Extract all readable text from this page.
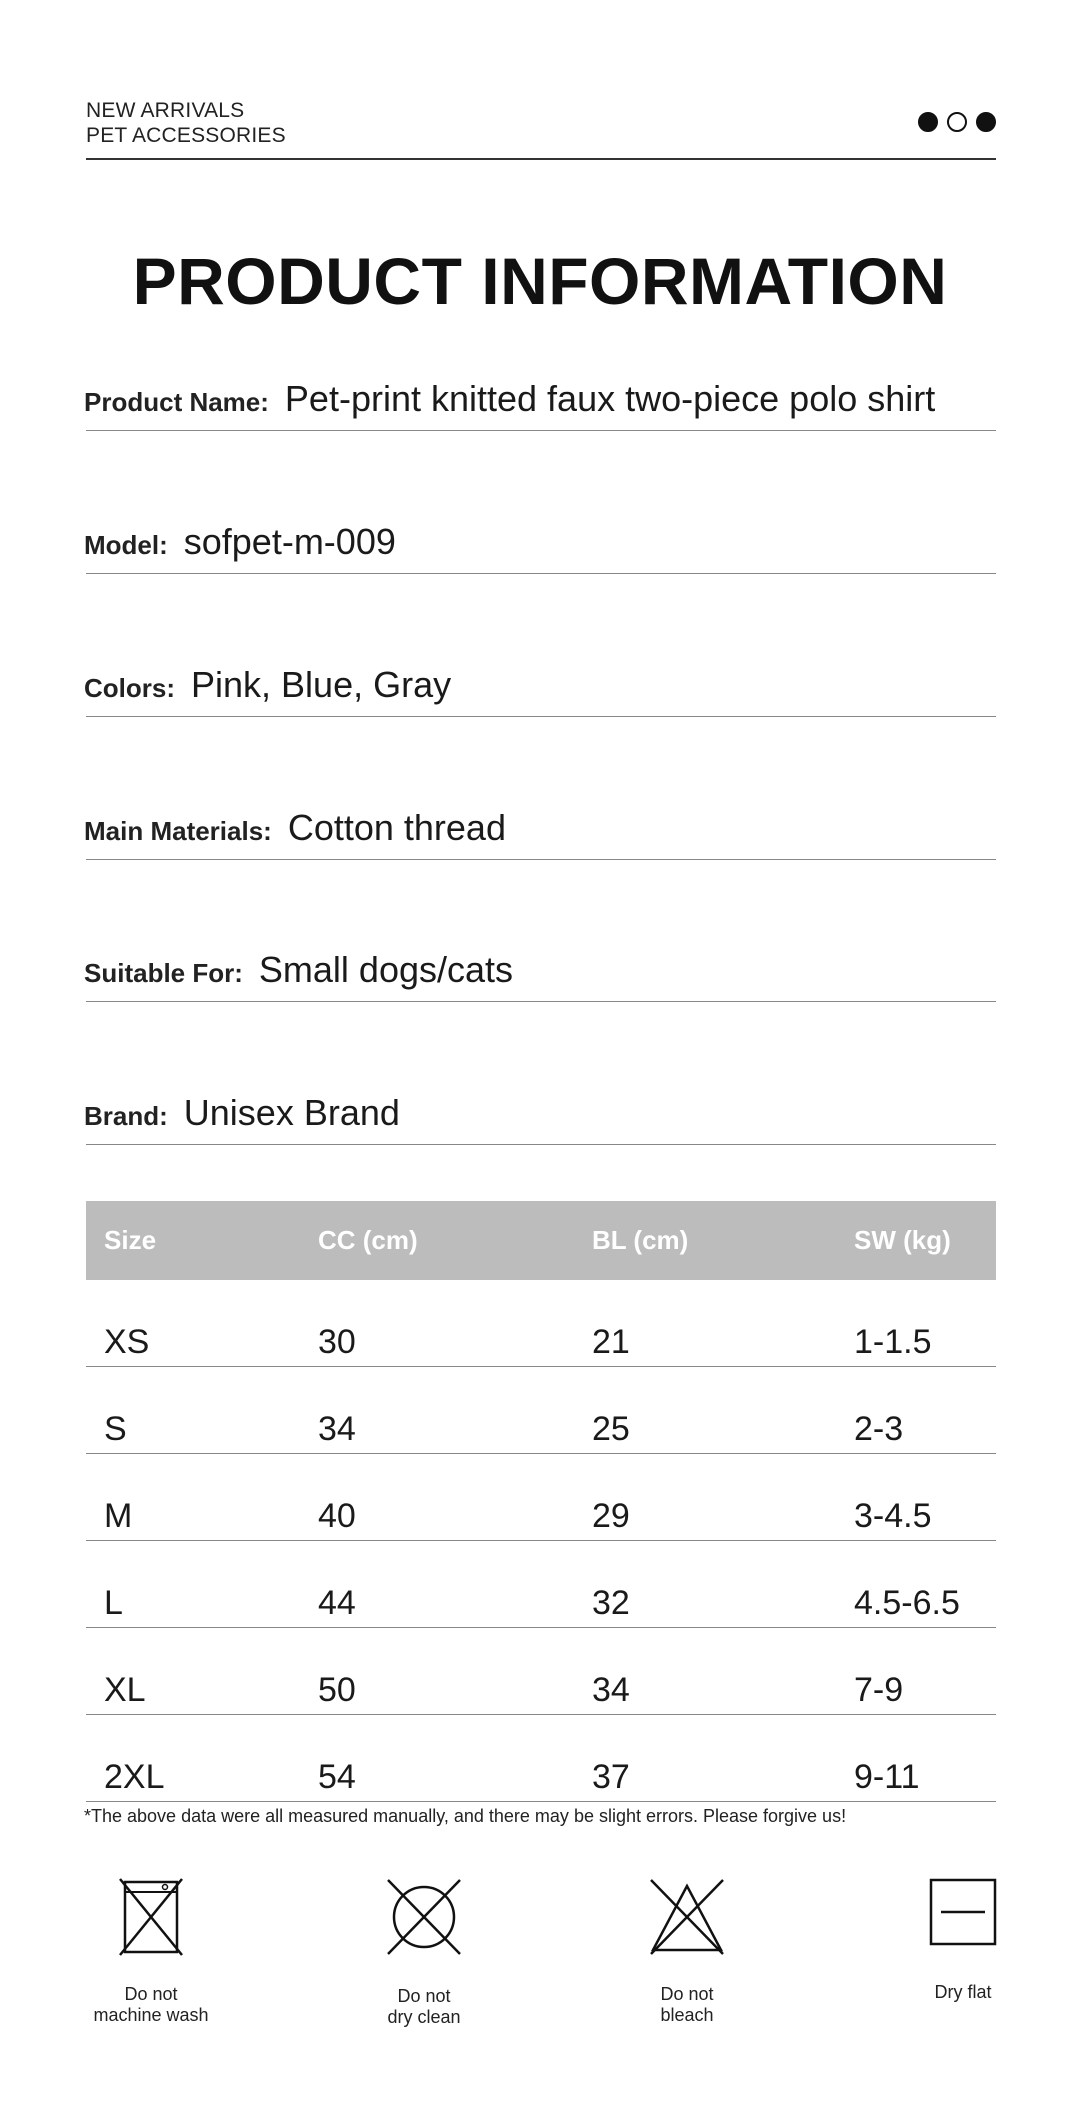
NEW ARRIVALS
PET ACCESSORIES
PRODUCT INFORMATION
Product Name: Pet-print knitted faux two-piece polo shirt
Model: sofpet-m-009
Colors: Pink, Blue, Gray
Main Materials: Cotton thread
Suitable For: Small dogs/cats
Brand: Unisex Brand
Size	CC (cm)	BL (cm)	SW (kg)
XS	30	21	1-1.5
S	34	25	2-3
M	40	29	3-4.5
L	44	32	4.5-6.5
XL	50	34	7-9
2XL	54	37	9-11

*The above data were all measured manually, and there may be slight errors. Please forgive us!

Do not
machine wash
Do not
dry clean
Do not
bleach
Dry flat
